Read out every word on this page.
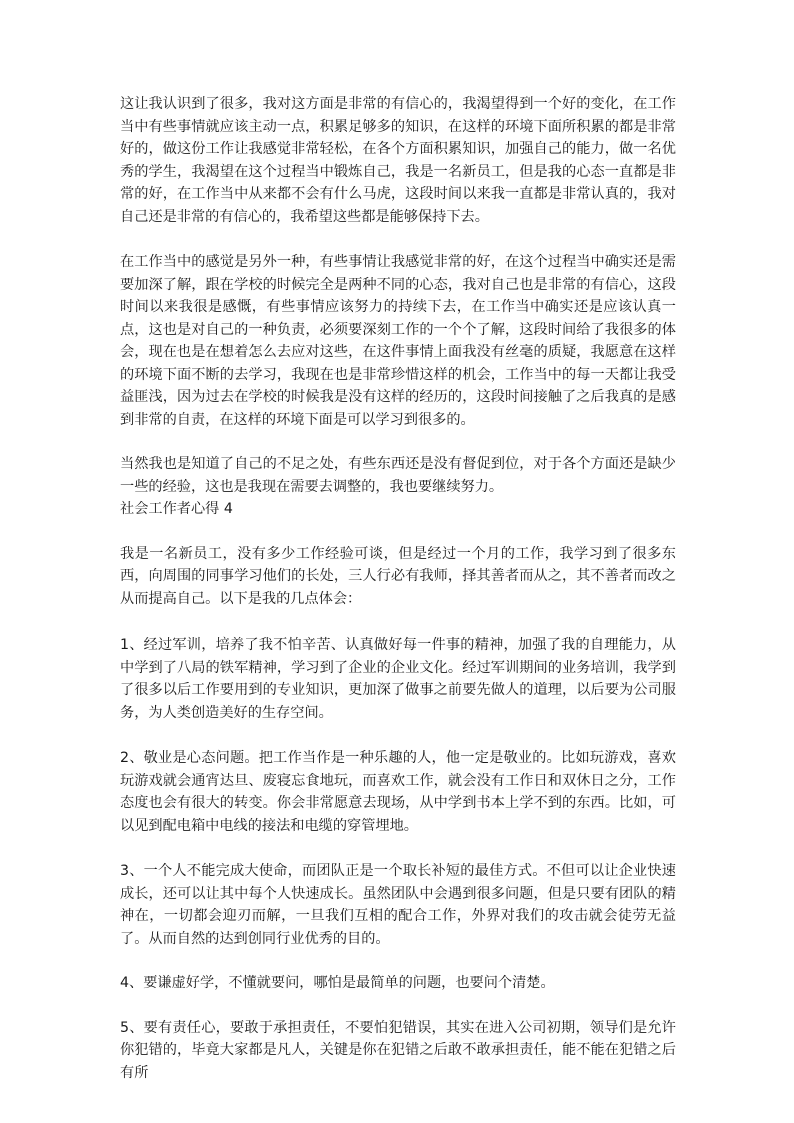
这让我认识到了很多，我对这方面是非常的有信心的，我渴望得到一个好的变化，在工作当中有些事情就应该主动一点，积累足够多的知识，在这样的环境下面所积累的都是非常好的，做这份工作让我感觉非常轻松，在各个方面积累知识，加强自己的能力，做一名优秀的学生，我渴望在这个过程当中锻炼自己，我是一名新员工，但是我的心态一直都是非常的好，在工作当中从来都不会有什么马虎，这段时间以来我一直都是非常认真的，我对自己还是非常的有信心的，我希望这些都是能够保持下去。

在工作当中的感觉是另外一种，有些事情让我感觉非常的好，在这个过程当中确实还是需要加深了解，跟在学校的时候完全是两种不同的心态，我对自己也是非常的有信心，这段时间以来我很是感慨，有些事情应该努力的持续下去，在工作当中确实还是应该认真一点，这也是对自己的一种负责，必须要深刻工作的一个个了解，这段时间给了我很多的体会，现在也是在想着怎么去应对这些，在这件事情上面我没有丝毫的质疑，我愿意在这样的环境下面不断的去学习，我现在也是非常珍惜这样的机会，工作当中的每一天都让我受益匪浅，因为过去在学校的时候我是没有这样的经历的，这段时间接触了之后我真的是感到非常的自责，在这样的环境下面是可以学习到很多的。

当然我也是知道了自己的不足之处，有些东西还是没有督促到位，对于各个方面还是缺少一些的经验，这也是我现在需要去调整的，我也要继续努力。

社会工作者心得 4

我是一名新员工，没有多少工作经验可谈，但是经过一个月的工作，我学习到了很多东西，向周围的同事学习他们的长处，三人行必有我师，择其善者而从之，其不善者而改之从而提高自己。以下是我的几点体会：

1、经过军训，培养了我不怕辛苦、认真做好每一件事的精神，加强了我的自理能力，从中学到了八局的铁军精神，学习到了企业的企业文化。经过军训期间的业务培训，我学到了很多以后工作要用到的专业知识，更加深了做事之前要先做人的道理，以后要为公司服务，为人类创造美好的生存空间。

2、敬业是心态问题。把工作当作是一种乐趣的人，他一定是敬业的。比如玩游戏，喜欢玩游戏就会通宵达旦、废寝忘食地玩，而喜欢工作，就会没有工作日和双休日之分，工作态度也会有很大的转变。你会非常愿意去现场，从中学到书本上学不到的东西。比如，可以见到配电箱中电线的接法和电缆的穿管埋地。

3、一个人不能完成大使命，而团队正是一个取长补短的最佳方式。不但可以让企业快速成长，还可以让其中每个人快速成长。虽然团队中会遇到很多问题，但是只要有团队的精神在，一切都会迎刃而解，一旦我们互相的配合工作，外界对我们的攻击就会徒劳无益了。从而自然的达到创同行业优秀的目的。

4、要谦虚好学，不懂就要问，哪怕是最简单的问题，也要问个清楚。

5、要有责任心，要敢于承担责任，不要怕犯错误，其实在进入公司初期，领导们是允许你犯错的，毕竟大家都是凡人，关键是你在犯错之后敢不敢承担责任，能不能在犯错之后有所
